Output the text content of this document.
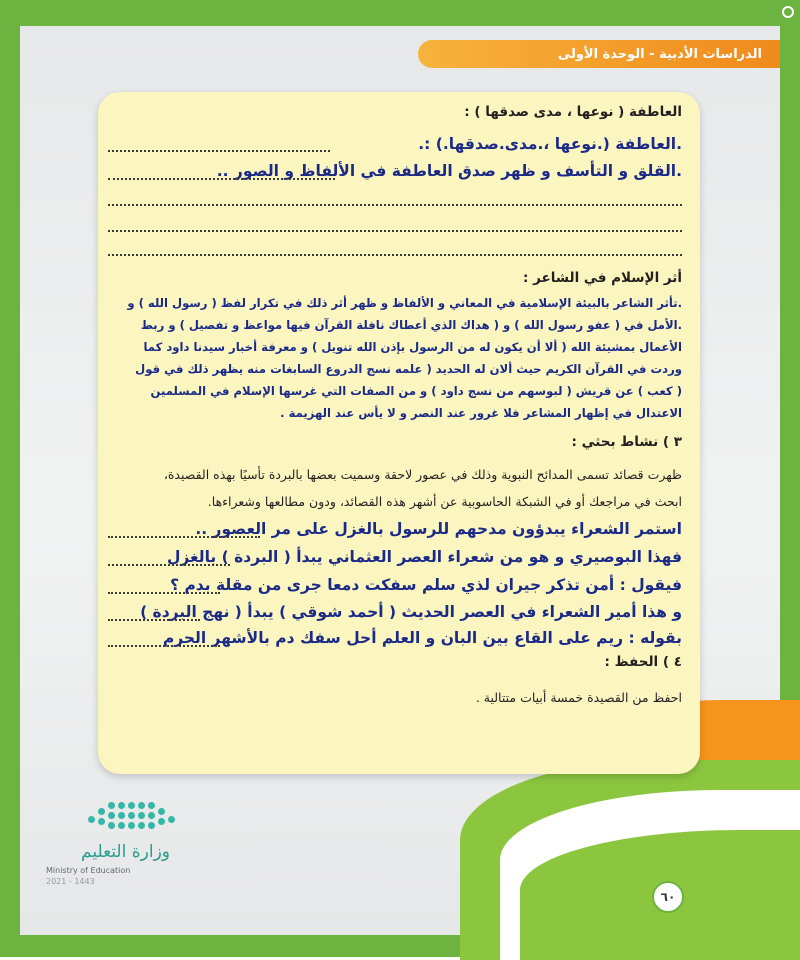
الدراسات الأدبية - الوحدة الأولى
العاطفة ( نوعها ، مدى صدقها ) :
.العاطفة (.نوعها ،.مدى.صدقها.) :.
.القلق و التأسف و ظهر صدق العاطفة في الألفاظ و الصور ..
أثر الإسلام في الشاعر :
.تأثر الشاعر بالبيئة الإسلامية في المعاني و الألفاظ و ظهر أثر ذلك في تكرار لفظ ( رسول الله ) و
.الأمل في ( عفو رسول الله ) و ( هداك الذي أعطاك نافلة القرآن فيها مواعظ و تفصيل ) و ربط
الأعمال بمشيئة الله ( ألا أن يكون له من الرسول بإذن الله تنويل ) و معرفة أخبار سيدنا داود كما
وردت في القرآن الكريم حيث ألان له الحديد ( علمه نسج الدروع السابغات منه يظهر ذلك في قول
( كعب ) عن قريش ( لبوسهم من نسج داود ) و من الصفات التي غرسها الإسلام في المسلمين
الاعتدال في إظهار المشاعر فلا غرور عند النصر و لا يأس عند الهزيمة .
٣ ) نشاط بحثي :
ظهرت قصائد تسمى المدائح النبوية وذلك في عصور لاحقة وسميت بعضها بالبردة تأسيًا بهذه القصيدة،
ابحث في مراجعك أو في الشبكة الحاسوبية عن أشهر هذه القصائد، ودون مطالعها وشعراءها.
استمر الشعراء يبدؤون مدحهم للرسول بالغزل على مر العصور ..
فهذا البوصيري و هو من شعراء العصر العثماني يبدأ ( البردة ) بالغزل
فيقول : أمن تذكر جيران لذي سلم سفكت دمعا جرى من مقلة بدم ؟
و هذا أمير الشعراء في العصر الحديث ( أحمد شوقي ) يبدأ ( نهج البردة )
بقوله : ريم على القاع بين البان و العلم أحل سفك دم بالأشهر الحرم
٤ ) الحفظ :
احفظ من القصيدة خمسة أبيات متتالية .
وزارة التعليم
Ministry of Education
2021 - 1443
٦٠
